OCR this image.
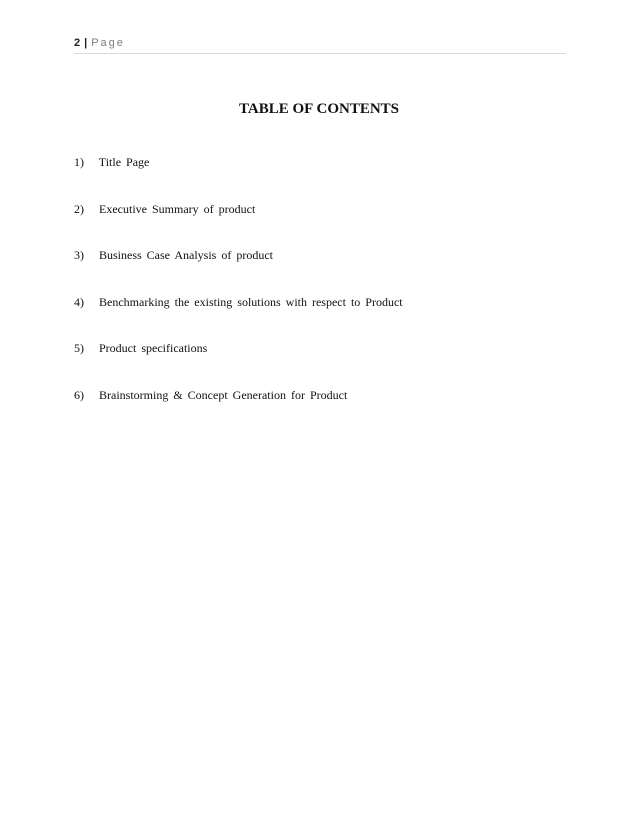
2 | Page
TABLE OF CONTENTS
1) Title Page
2) Executive Summary of product
3) Business Case Analysis of product
4) Benchmarking the existing solutions with respect to Product
5) Product specifications
6) Brainstorming & Concept Generation for Product
